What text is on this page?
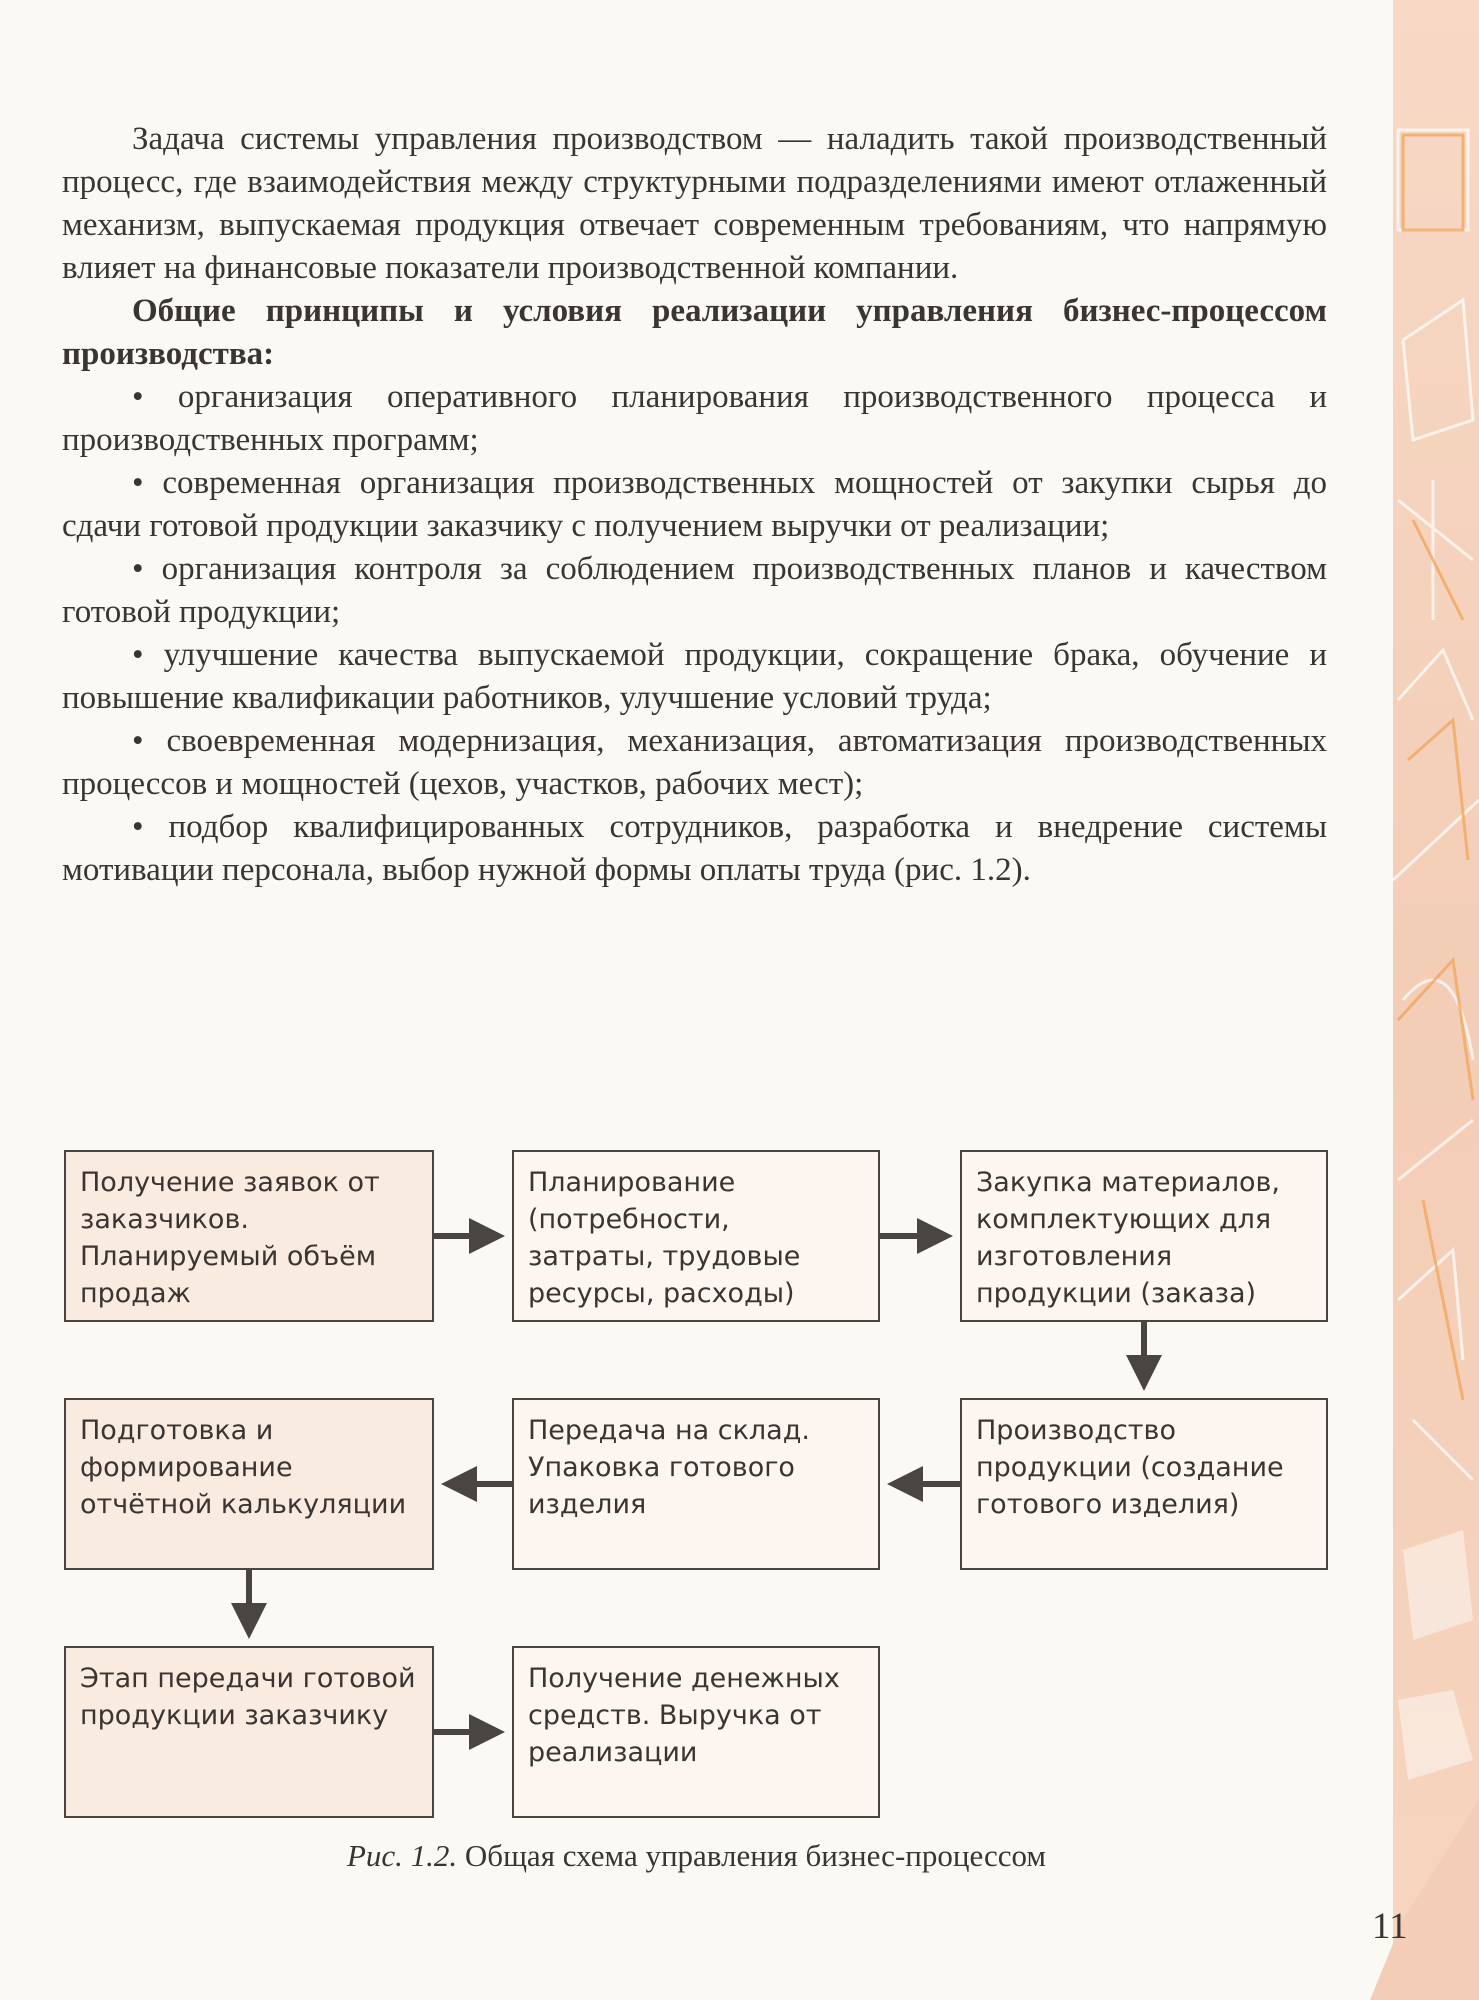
Задача системы управления производством — наладить такой производственный процесс, где взаимодействия между структурными подразделениями имеют отлаженный механизм, выпускаемая продукция отвечает современным требованиям, что напрямую влияет на финансовые показатели производственной компании.

Общие принципы и условия реализации управления бизнес-процессом производства:

• организация оперативного планирования производственного процесса и производственных программ;

• современная организация производственных мощностей от закупки сырья до сдачи готовой продукции заказчику с получением выручки от реализации;

• организация контроля за соблюдением производственных планов и качеством готовой продукции;

• улучшение качества выпускаемой продукции, сокращение брака, обучение и повышение квалификации работников, улучшение условий труда;

• своевременная модернизация, механизация, автоматизация производственных процессов и мощностей (цехов, участков, рабочих мест);

• подбор квалифицированных сотрудников, разработка и внедрение системы мотивации персонала, выбор нужной формы оплаты труда (рис. 1.2).

Получение заявок от заказчиков. Планируемый объём продаж
Планирование (потребности, затраты, трудовые ресурсы, расходы)
Закупка материалов, комплектующих для изготовления продукции (заказа)
Производство продукции (создание готового изделия)
Передача на склад. Упаковка готового изделия
Подготовка и формирование отчётной калькуляции
Этап передачи готовой продукции заказчику
Получение денежных средств. Выручка от реализации
Рис. 1.2. Общая схема управления бизнес-процессом
11
